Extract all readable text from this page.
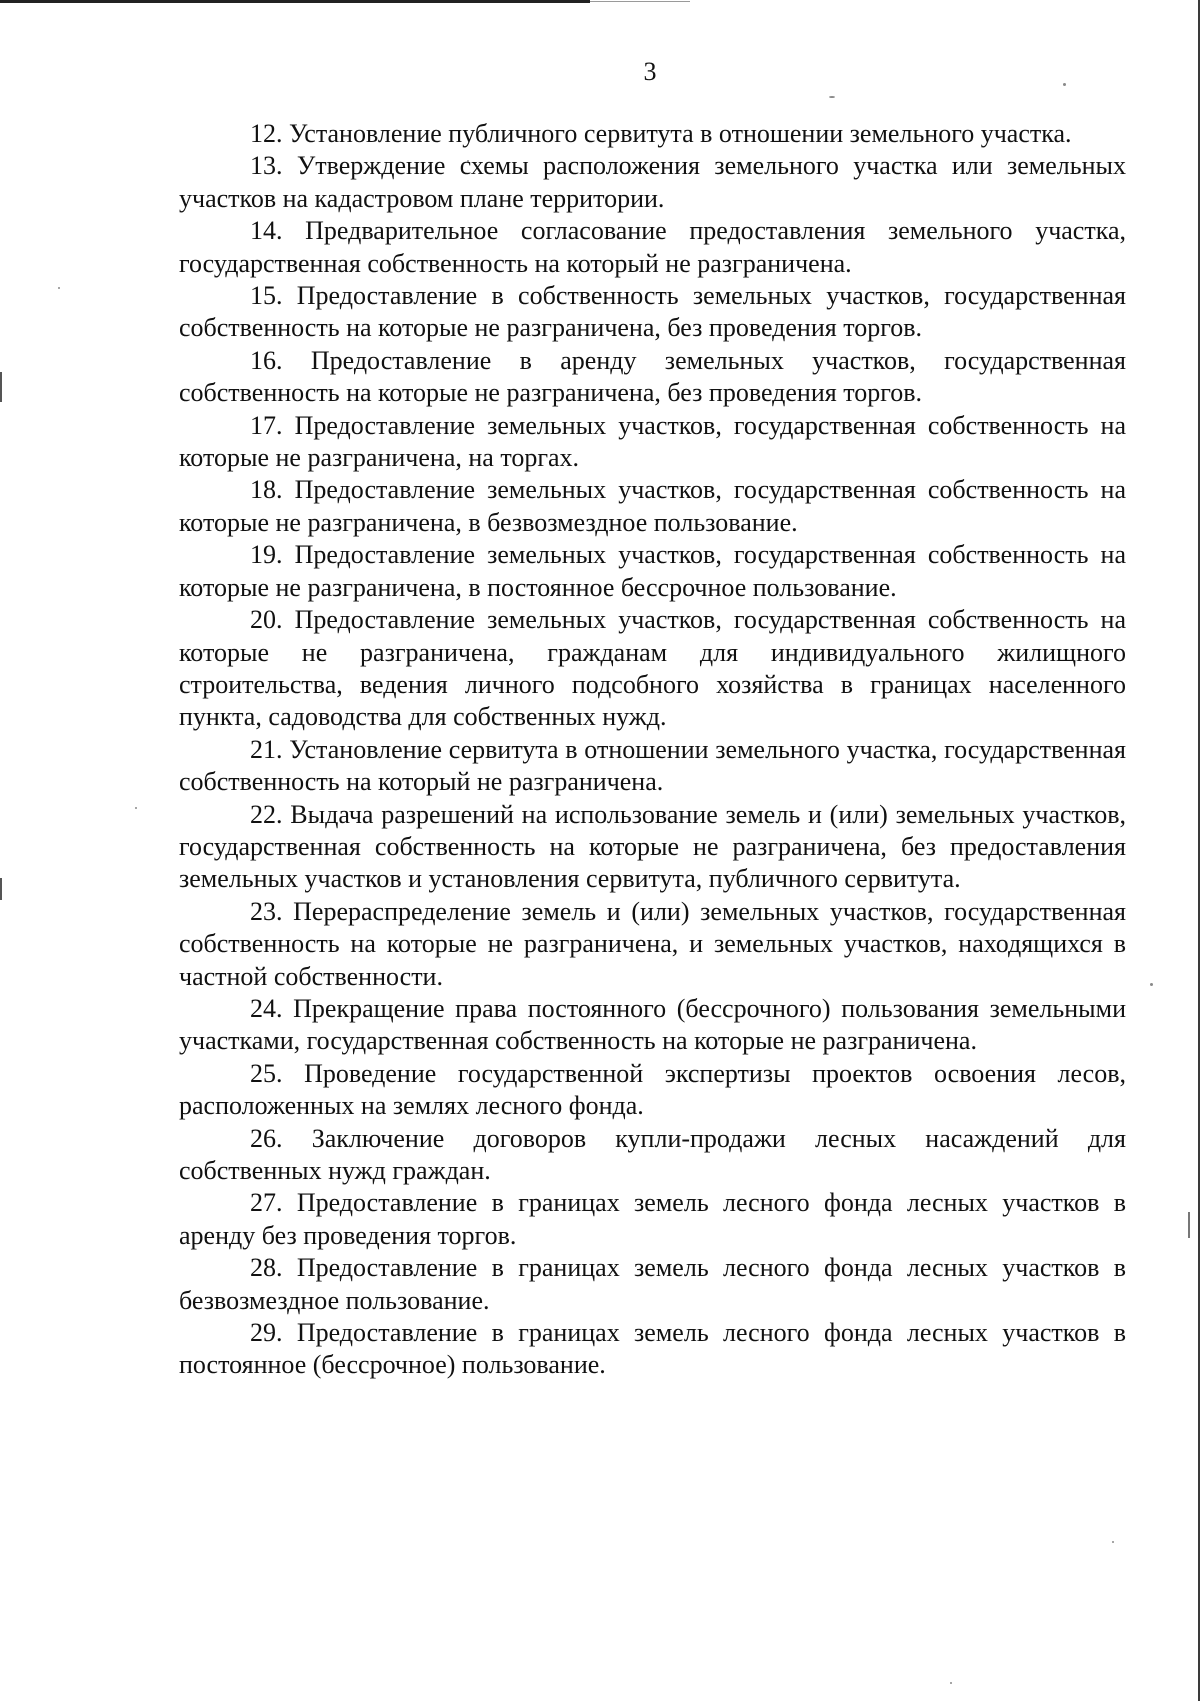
3

12. Установление публичного сервитута в отношении земельного участка.

13. Утверждение схемы расположения земельного участка или земельных участков на кадастровом плане территории.

14. Предварительное согласование предоставления земельного участка, государственная собственность на который не разграничена.

15. Предоставление в собственность земельных участков, государственная собственность на которые не разграничена, без проведения торгов.

16. Предоставление в аренду земельных участков, государственная собственность на которые не разграничена, без проведения торгов.

17. Предоставление земельных участков, государственная собственность на которые не разграничена, на торгах.

18. Предоставление земельных участков, государственная собственность на которые не разграничена, в безвозмездное пользование.

19. Предоставление земельных участков, государственная собственность на которые не разграничена, в постоянное бессрочное пользование.

20. Предоставление земельных участков, государственная собственность на которые не разграничена, гражданам для индивидуального жилищного строительства, ведения личного подсобного хозяйства в границах населенного пункта, садоводства для собственных нужд.

21. Установление сервитута в отношении земельного участка, государственная собственность на который не разграничена.

22. Выдача разрешений на использование земель и (или) земельных участков, государственная собственность на которые не разграничена, без предоставления земельных участков и установления сервитута, публичного сервитута.

23. Перераспределение земель и (или) земельных участков, государственная собственность на которые не разграничена, и земельных участков, находящихся в частной собственности.

24. Прекращение права постоянного (бессрочного) пользования земельными участками, государственная собственность на которые не разграничена.

25. Проведение государственной экспертизы проектов освоения лесов, расположенных на землях лесного фонда.

26. Заключение договоров купли-продажи лесных насаждений для собственных нужд граждан.

27. Предоставление в границах земель лесного фонда лесных участков в аренду без проведения торгов.

28. Предоставление в границах земель лесного фонда лесных участков в безвозмездное пользование.

29. Предоставление в границах земель лесного фонда лесных участков в постоянное (бессрочное) пользование.
